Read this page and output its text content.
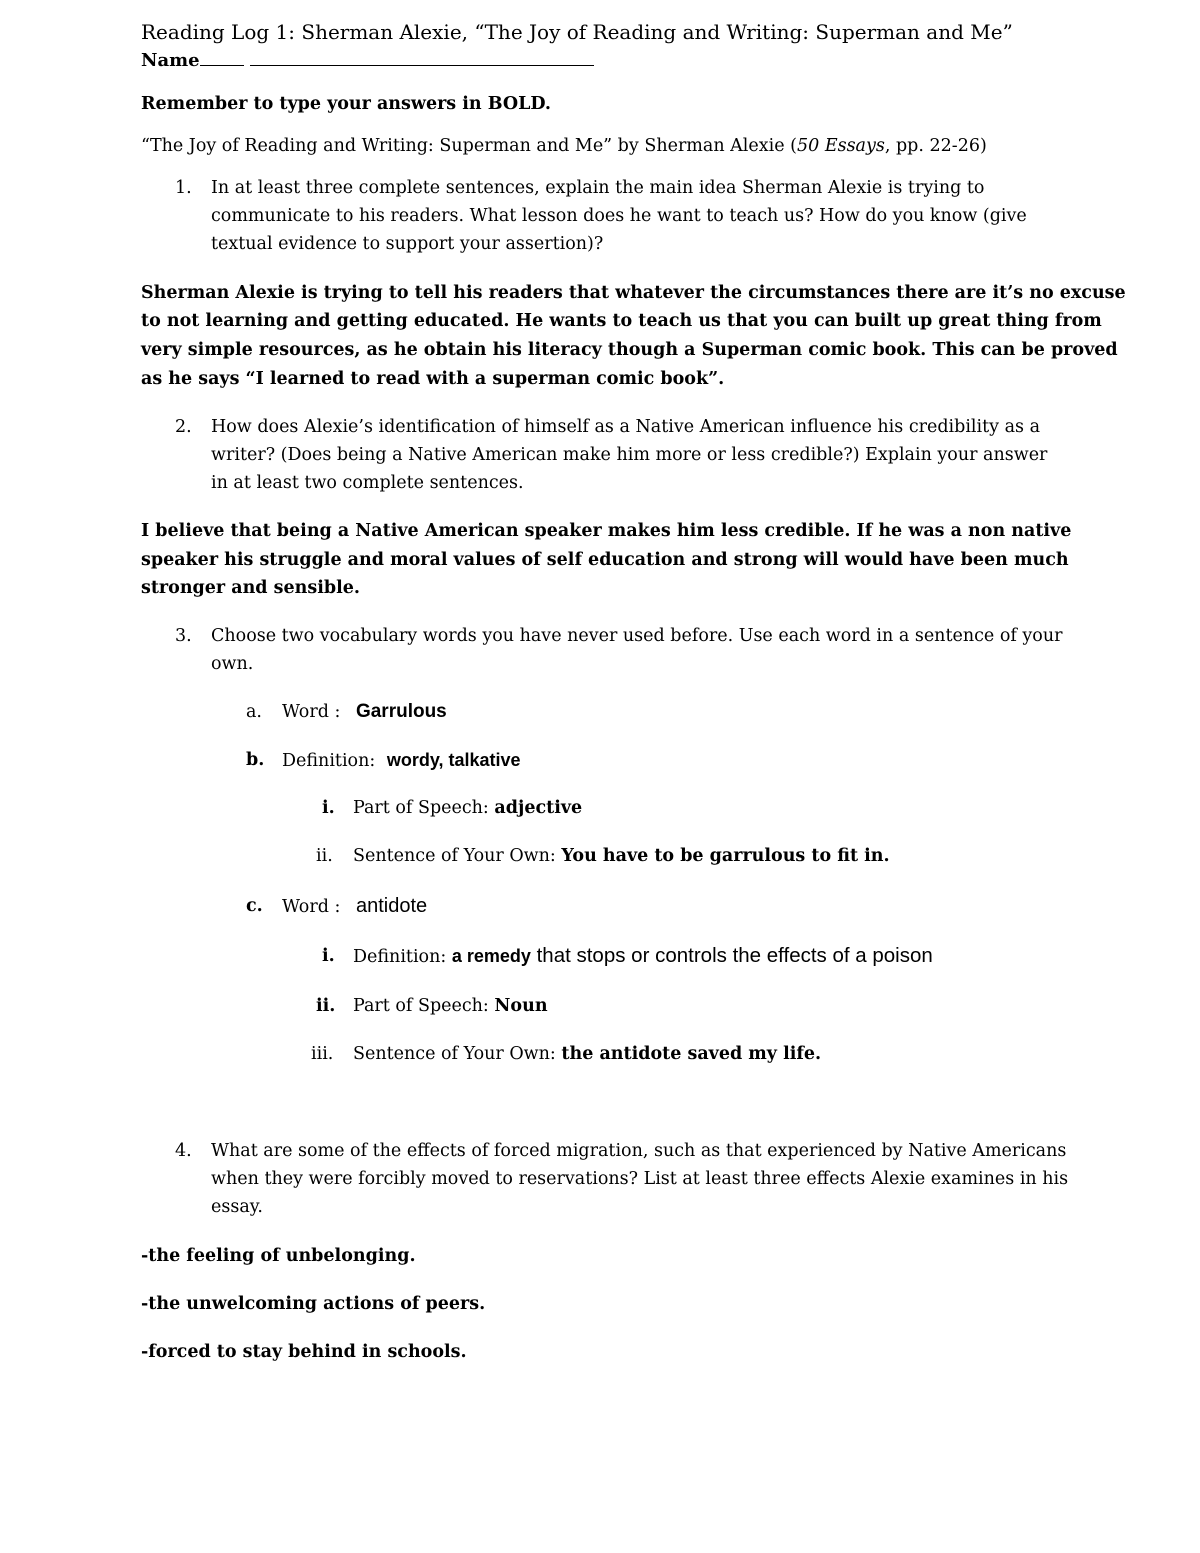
Reading Log 1: Sherman Alexie, “The Joy of Reading and Writing: Superman and Me”
Name
Remember to type your answers in BOLD.
“The Joy of Reading and Writing: Superman and Me” by Sherman Alexie (50 Essays, pp. 22-26)
1. In at least three complete sentences, explain the main idea Sherman Alexie is trying to
communicate to his readers. What lesson does he want to teach us? How do you know (give
textual evidence to support your assertion)?
Sherman Alexie is trying to tell his readers that whatever the circumstances there are it’s no excuse
to not learning and getting educated. He wants to teach us that you can built up great thing from
very simple resources, as he obtain his literacy though a Superman comic book. This can be proved
as he says “I learned to read with a superman comic book”.
2. How does Alexie’s identification of himself as a Native American influence his credibility as a
writer? (Does being a Native American make him more or less credible?) Explain your answer
in at least two complete sentences.
I believe that being a Native American speaker makes him less credible. If he was a non native
speaker his struggle and moral values of self education and strong will would have been much
stronger and sensible.
3. Choose two vocabulary words you have never used before. Use each word in a sentence of your
own.
a. Word : Garrulous
b. Definition: wordy, talkative
i. Part of Speech: adjective
ii. Sentence of Your Own: You have to be garrulous to fit in.
c. Word : antidote
i. Definition: a remedy that stops or controls the effects of a poison
ii. Part of Speech: Noun
iii. Sentence of Your Own: the antidote saved my life.
4. What are some of the effects of forced migration, such as that experienced by Native Americans
when they were forcibly moved to reservations? List at least three effects Alexie examines in his
essay.
-the feeling of unbelonging.
-the unwelcoming actions of peers.
-forced to stay behind in schools.
